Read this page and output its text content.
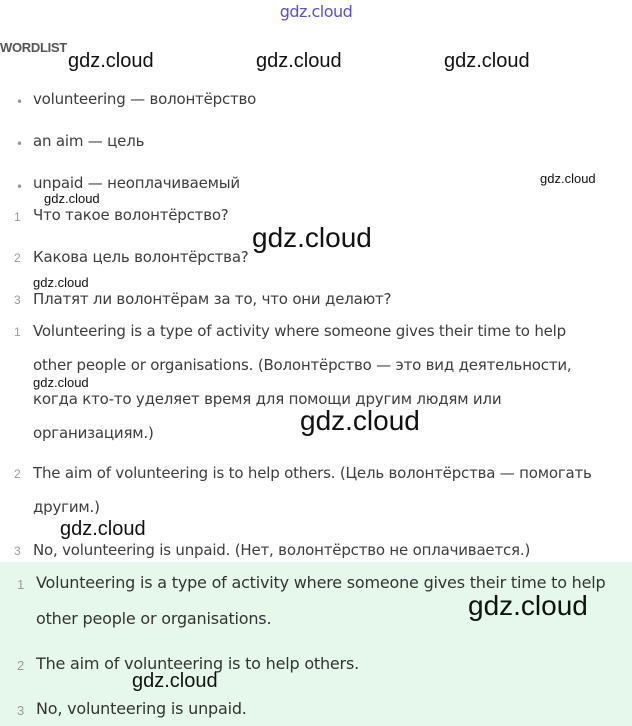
gdz.cloud
WORDLIST
• volunteering — волонтёрство
• an aim — цель
• unpaid — неоплачиваемый
1 Что такое волонтёрство?
2 Какова цель волонтёрства?
3 Платят ли волонтёрам за то, что они делают?
1 Volunteering is a type of activity where someone gives their time to help
other people or organisations. (Волонтёрство — это вид деятельности,
когда кто-то уделяет время для помощи другим людям или
организациям.)
2 The aim of volunteering is to help others. (Цель волонтёрства — помогать
другим.)
3 No, volunteering is unpaid. (Нет, волонтёрство не оплачивается.)
1 Volunteering is a type of activity where someone gives their time to help
other people or organisations.
2 The aim of volunteering is to help others.
3 No, volunteering is unpaid.
gdz.cloud	gdz.cloud	gdz.cloud
gdz.cloud
gdz.cloud
gdz.cloud
gdz.cloud
gdz.cloud
gdz.cloud
gdz.cloud
gdz.cloud
gdz.cloud
